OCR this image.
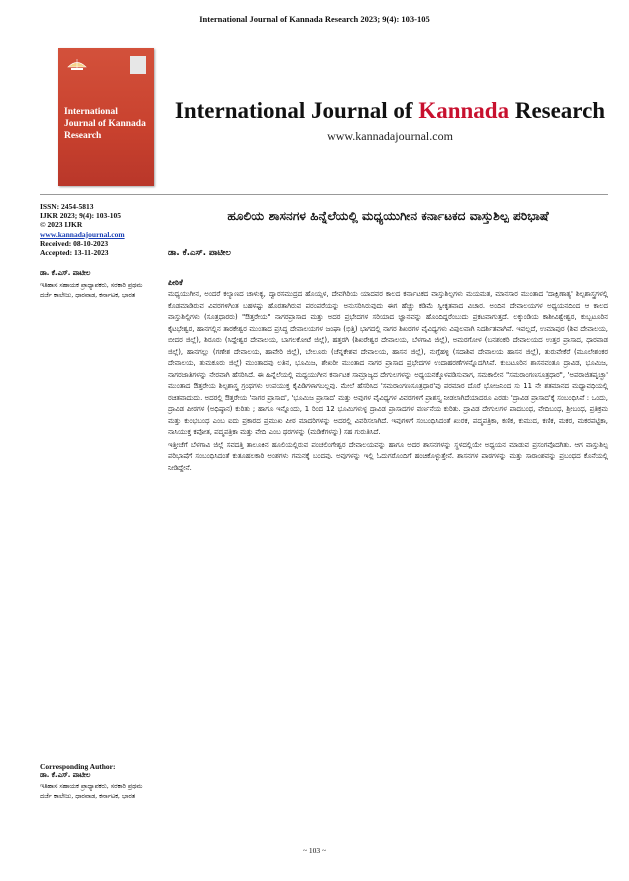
International Journal of Kannada Research 2023; 9(4): 103-105
International Journal of Kannada Research
International Journal of Kannada Research
www.kannadajournal.com
ISSN: 2454-5813
IJKR 2023; 9(4): 103-105
© 2023 IJKR
www.kannadajournal.com
Received: 08-10-2023
Accepted: 13-11-2023
ಡಾ. ಕೆ.ಎಸ್. ಪಾಟೀಲ
ಇತಿಹಾಸ ಸಹಾಯಕ ಪ್ರಾಧ್ಯಾಪಕರು, ಸರಕಾರಿ ಪ್ರಥಮ ದರ್ಜೆ ಕಾಲೇಜು, ಧಾರವಾಡ, ಕರ್ನಾಟಕ, ಭಾರತ
Corresponding Author:
ಡಾ. ಕೆ.ಎಸ್. ಪಾಟೀಲ
ಇತಿಹಾಸ ಸಹಾಯಕ ಪ್ರಾಧ್ಯಾಪಕರು, ಸರಕಾರಿ ಪ್ರಥಮ ದರ್ಜೆ ಕಾಲೇಜು, ಧಾರವಾಡ, ಕರ್ನಾಟಕ, ಭಾರತ
ಹೂಲಿಯ ಶಾಸನಗಳ ಹಿನ್ನೆಲೆಯಲ್ಲಿ ಮಧ್ಯಯುಗೀನ ಕರ್ನಾಟಕದ ವಾಸ್ತುಶಿಲ್ಪ ಪರಿಭಾಷೆ
ಡಾ. ಕೆ.ಎಸ್. ಪಾಟೀಲ
ಪೀಠಿಕೆ

ಮಧ್ಯಯುಗೀನ, ಅಂದರೆ ಕಲ್ಯಾಣದ ಚಾಳುಕ್ಯ, ದ್ವಾರಸಮುದ್ರದ ಹೊಯ್ಸಳ, ದೇವಗಿರಿಯ ಯಾದವರ ಕಾಲದ ಕರ್ನಾಟಕದ ವಾಸ್ತುಶಿಲ್ಪಗಳು ಮಯಮತ, ಮಾನಸಾರ ಮುಂತಾದ 'ದಾಕ್ಷಿಣಾತ್ಯ' ಶಿಲ್ಪಶಾಸ್ತ್ರಗಳಲ್ಲಿ ಕೊಡಮಾಡಿರುವ ವಿವರಗಳಿಗಿಂತ ಬಹಳಷ್ಟು ಹೊರತಾಗಿರುವ ಪರಂಪರೆಯನ್ನು ಅನುಸರಿಸಿರುವುದು ಈಗ ಹೆಚ್ಚು ಕಡಿಮೆ ಸ್ವೀಕೃತವಾದ ವಿಚಾರ. ಅಂದಿನ ದೇವಾಲಯಗಳ ಅಧ್ಯಯನದಿಂದ ಆ ಕಾಲದ ವಾಸ್ತುಶಿಲ್ಪಿಗಳು (ಸೂತ್ರಧಾರರು) "ಔತ್ತರೇಯ" ನಾಗರಪ್ರಾಸಾದ ಮತ್ತು ಅದರ ಪ್ರಭೇದಗಳ ಸರಿಯಾದ ಜ್ಞಾನವನ್ನು ಹೊಂದಿದ್ದರೆಂಬುದು ಪ್ರಕಟವಾಗುತ್ತದೆ. ಲಕ್ಕುಂಡಿಯ ಕಾಶೀವಿಶ್ವೇಶ್ವರ, ಕುಬ್ಬಟೂರಿನ ಕೈಟಭೇಶ್ವರ, ಹಾನಗಲ್ಲಿನ ತಾರಕೇಶ್ವರ ಮುಂತಾದ ಪ್ರಸಿದ್ಧ ದೇವಾಲಯಗಳ ಜಂಘಾ (ಭಿತ್ತಿ) ಭಾಗದಲ್ಲಿ ನಾಗರ ಶಿಖರಗಳ ವೈವಿಧ್ಯಗಳು ವಿಪುಲವಾಗಿ ನಿದರ್ಶಿತವಾಗಿವೆ. ಇವಲ್ಲದೆ, ಉಮಾಪುರ (ಶಿವ ದೇವಾಲಯ, ಬೀದರ ಜಿಲ್ಲೆ), ಶಿರೂರು (ಸಿದ್ದೇಶ್ವರ ದೇವಾಲಯ, ಬಾಗಲಕೋಟೆ ಜಿಲ್ಲೆ), ಹತ್ತರಗಿ (ಶಿಖರೇಶ್ವರ ದೇವಾಲಯ, ಬೆಳಗಾವಿ ಜಿಲ್ಲೆ), ಅಮರಗೋಳ (ಬನಶಂಕರಿ ದೇವಾಲಯದ ಉತ್ತರ ಪ್ರಾಸಾದ, ಧಾರವಾಡ ಜಿಲ್ಲೆ), ಹಾನಗಲ್ಲು (ಗಣೇಶ ದೇವಾಲಯ, ಹಾವೇರಿ ಜಿಲ್ಲೆ), ಬೇಲೂರು (ಚೆನ್ನಕೇಶವ ದೇವಾಲಯ, ಹಾಸನ ಜಿಲ್ಲೆ), ನುಗ್ಗೆಹಳ್ಳಿ (ಸದಾಶಿವ ದೇವಾಲಯ ಹಾಸನ ಜಿಲ್ಲೆ), ತುರುವೇಕೆರೆ (ಮೂಲೇಶಂಕರ ದೇವಾಲಯ, ತುಮಕೂರು ಜಿಲ್ಲೆ) ಮುಂತಾದವು ಲತಿನ, ಭೂಮಿಜ, ಶೇಖರೀ ಮುಂತಾದ ನಾಗರ ಪ್ರಾಸಾದ ಪ್ರಭೇದಗಳ ಉದಾಹರಣೆಗಳನ್ನೊದಗಿಸಿವೆ. ಕುಬಟೂರಿನ ಶಾಸನವಂತೂ ದ್ರಾವಿಡ, ಭೂಮಿಜ, ನಾಗರಜಾತಿಗಳನ್ನು ನೇರವಾಗಿ ಹೆಸರಿಸಿದೆ. ಈ ಹಿನ್ನೆಲೆಯಲ್ಲಿ ಮಧ್ಯಯುಗೀನ ಕರ್ನಾಟಕ ಸಾಮ್ರಾಜ್ಯದ ದೇಗುಲಗಳನ್ನು ಅಧ್ಯಯನಕ್ಕೊಳಪಡಿಸುವಾಗ, ಸಮಕಾಲೀನ "ಸಮರಾಂಗಣಸೂತ್ರಧಾರ", 'ಅಪರಾಜಿತಪೃಚ್ಛಾ' ಮುಂತಾದ ಔತ್ತರೇಯ ಶಿಲ್ಪಶಾಸ್ತ್ರ ಗ್ರಂಥಗಳು ಉಪಯುಕ್ತ ಕೈಪಿಡಿಗಳಾಗಬಲ್ಲವು. ಮೇಲೆ ಹೆಸರಿಸಿದ 'ಸಮರಾಂಗಣಸೂತ್ರಧಾರ'ವು ಪರಮಾರ ದೊರೆ ಭೋಜನಿಂದ ಸು 11 ನೇ ಶತಮಾನದ ಮಧ್ಯಾವಧಿಯಲ್ಲಿ ರಚಿತವಾದುದು. ಅದರಲ್ಲಿ ಔತ್ತರೇಯ 'ನಾಗರ ಪ್ರಾಸಾದ', 'ಭೂಮಿಜ ಪ್ರಾಸಾದ' ಮತ್ತು ಅವುಗಳ ವೈವಿಧ್ಯಗಳ ವಿವರಗಳಿಗೆ ಪ್ರಾಶಸ್ತ್ಯ ನೀಡಲಾಗಿದೆಯಾದರೂ ಎರಡು 'ದ್ರಾವಿಡ ಪ್ರಾಸಾದ'ಕ್ಕೆ ಸಂಬಂಧಿಸಿವೆ : ಒಂದು, ದ್ರಾವಿಡ ಪೀಠಗಳ (ಅಧಿಷ್ಠಾನ) ಕುರಿತು ; ಹಾಗೂ ಇನ್ನೊಂದು, 1 ರಿಂದ 12 ಭೂಮಿಗಳುಳ್ಳ ದ್ರಾವಿಡ ಪ್ರಾಸಾದಗಳ ವರ್ಣನೆಯ ಕುರಿತು. ದ್ರಾವಿಡ ದೇಗುಲಗಳ ಪಾದಬಂಧ, ವೇದಿಬಂಧ, ಶ್ರೀಬಂಧ, ಪ್ರತಿಕ್ರಮ ಮತ್ತು ಕುಂಭಬಂಧ ಎಂಬ ಐದು ಪ್ರಕಾರದ ಪ್ರಮುಖ ಪೀಠ ಮಾದರಿಗಳನ್ನು ಅದರಲ್ಲಿ ವಿವರಿಸಲಾಗಿದೆ. ಇವುಗಳಿಗೆ ಸಂಬಂಧಿಸಿದಂತೆ ಖುರಕ, ಪದ್ಮಪತ್ರಿಕಾ, ಕಣಿಕ, ಕುಮುದ, ಕಣಿಕ, ಮಕರ, ಮಕರಪಟ್ಟಿಕಾ, ನಾಸಿಯುಕ್ತ ಕಪೋತ, ಪದ್ಮಪತ್ರಿಕಾ ಮತ್ತು ವೇದಿ ಎಂಬ ಥರಗಳನ್ನು (ಮಡಿಕೆಗಳನ್ನು) ಸಹ ಗುರುತಿಸಿದೆ.

ಇತ್ತೀಚೆಗೆ ಬೆಳಗಾವಿ ಜಿಲ್ಲೆ ಸವದತ್ತಿ ತಾಲೂಕಿನ ಹೂಲಿಯಲ್ಲಿರುವ ಪಂಚಲಿಂಗೇಶ್ವರ ದೇವಾಲಯವನ್ನು ಹಾಗೂ ಅದರ ಶಾಸನಗಳನ್ನು ಸ್ಥಳದಲ್ಲಿಯೇ ಅಧ್ಯಯನ ಮಾಡುವ ಪ್ರಸಂಗವೊದಗಿತು. ಆಗ ವಾಸ್ತುಶಿಲ್ಪ ಪರಿಭಾಷೆಗೆ ಸಂಬಂಧಿಸಿದಂತೆ ಕುತೂಹಲಕಾರಿ ಅಂಶಗಳು ಗಮನಕ್ಕೆ ಬಂದವು. ಅವುಗಳನ್ನು ಇಲ್ಲಿ ಓದುಗರೊಂದಿಗೆ ಹಂಚಿಕೊಳ್ಳುತ್ತೇನೆ. ಶಾಸನಗಳ ಪಾಠಗಳನ್ನು ಮತ್ತು ಸಾರಾಂಶವನ್ನು ಪ್ರಬಂಧದ ಕೊನೆಯಲ್ಲಿ ನೀಡಿದ್ದೇನೆ.

~ 103 ~
